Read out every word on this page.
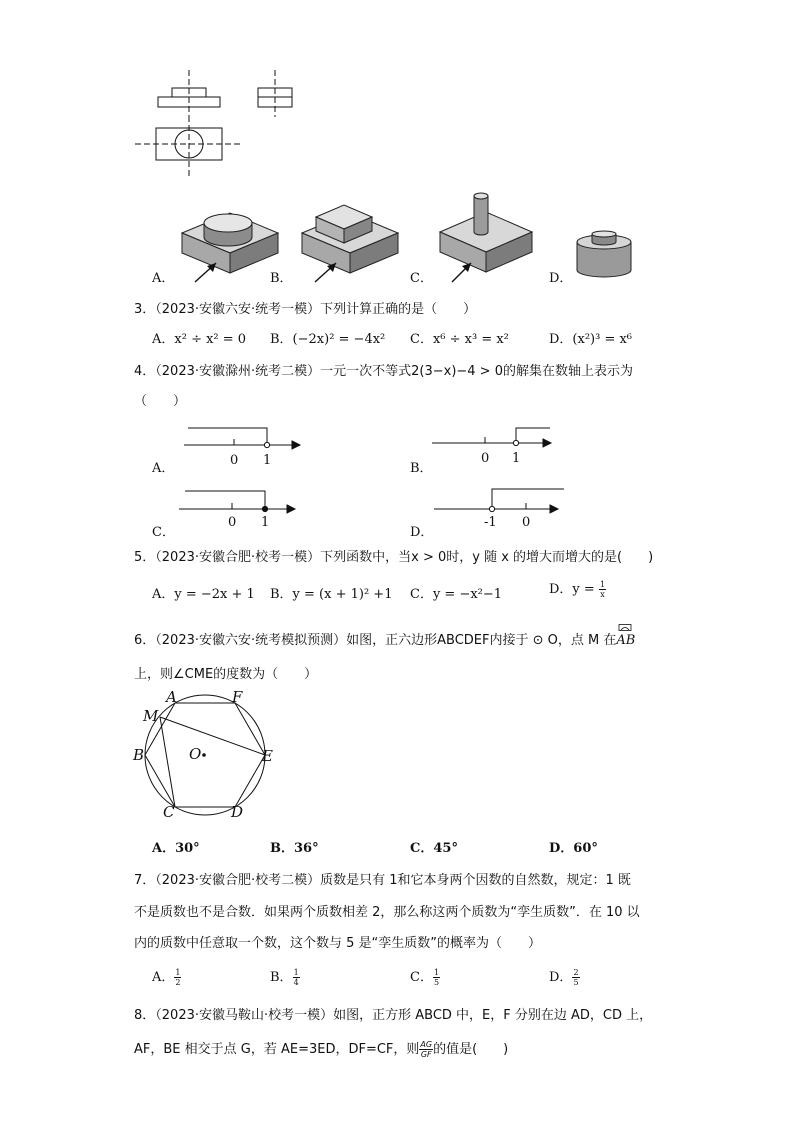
A．	B．	C．	D．
3．（2023·安徽六安·统考一模）下列计算正确的是（　　）
A．x² ÷ x² = 0 B．(−2x)² = −4x² C．x⁶ ÷ x³ = x²	D．(x²)³ = x⁶
4．（2023·安徽滁州·统考二模）一元一次不等式2(3−x)−4 > 0的解集在数轴上表示为
（　　）
A．
0 1
B．
0 1
C．
0 1
D．
-1 0
5．（2023·安徽合肥·校考一模）下列函数中，当x > 0时，y 随 x 的增大而增大的是(　　)
A．y = −2x + 1 B．y = (x + 1)² +1 C．y = −x²−1	D．$y = \frac{1}{x}$
6．（2023·安徽六安·统考模拟预测）如图，正六边形ABCDEF内接于 ⊙ O，点 M 在
AB
上，则∠CME的度数为（　　）
A	F
M
B	O	E
C	D
A．30°	B．36°	C．45°	D．60°
7．（2023·安徽合肥·校考二模）质数是只有 1和它本身两个因数的自然数，规定：1 既
不是质数也不是合数．如果两个质数相差 2，那么称这两个质数为“孪生质数”．在 10 以
内的质数中任意取一个数，这个数与 5 是“孪生质数”的概率为（　　）
A． $\frac{1}{2}$	B． $\frac{1}{4}$	C． $\frac{1}{5}$	D． $\frac{2}{5}$
8．（2023·安徽马鞍山·校考一模）如图，正方形 ABCD 中，E，F 分别在边 AD，CD 上，
AF，BE 相交于点 G，若 AE=3ED，DF=CF，则 $\frac{AG}{GF}$ 的值是(　　)
